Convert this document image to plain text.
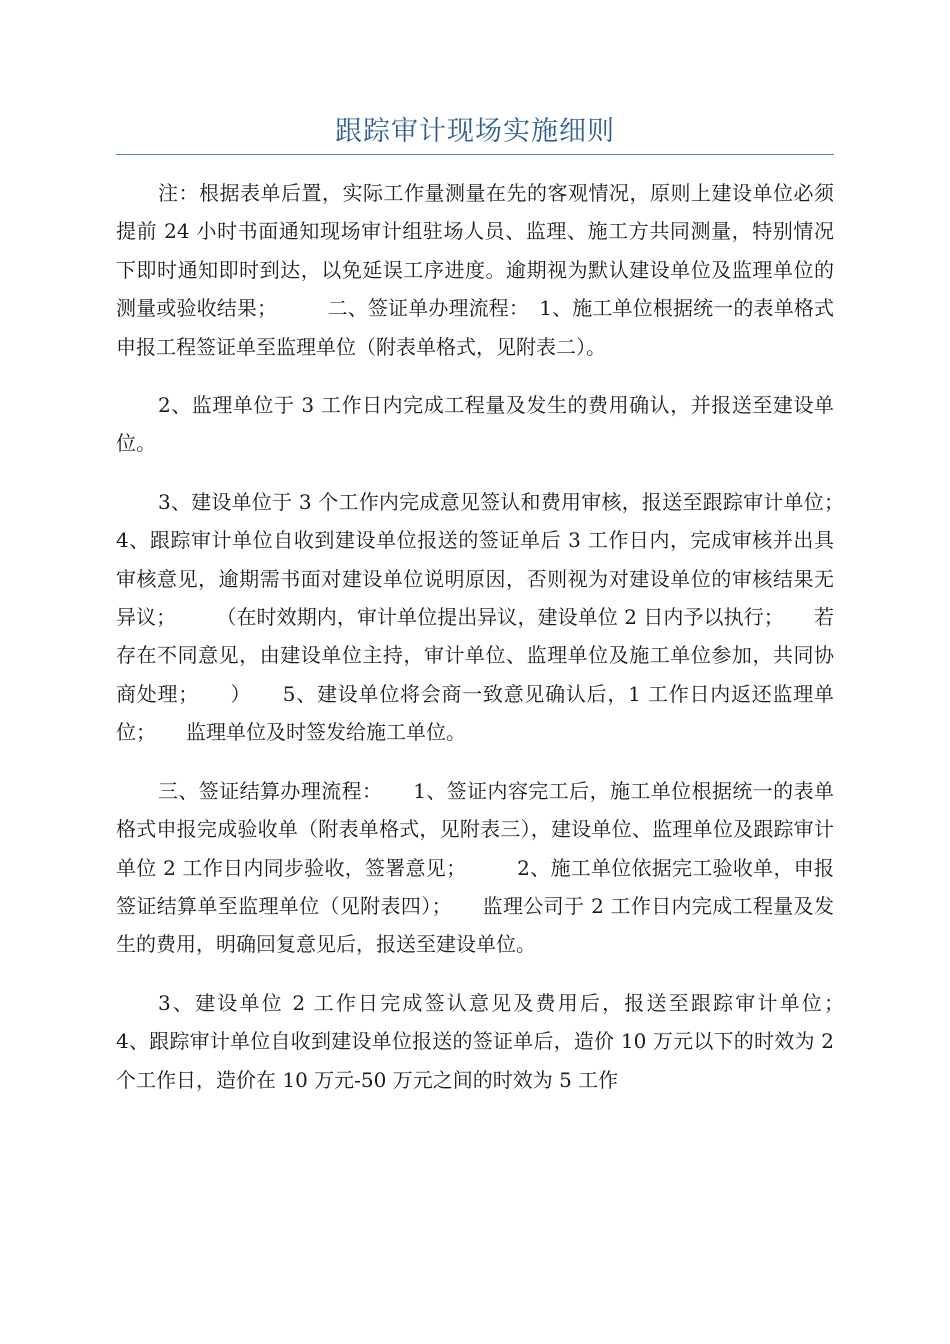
跟踪审计现场实施细则

注：根据表单后置，实际工作量测量在先的客观情况，原则上建设单位必须提前 24 小时书面通知现场审计组驻场人员、监理、施工方共同测量，特别情况下即时通知即时到达，以免延误工序进度。逾期视为默认建设单位及监理单位的测量或验收结果；　　　二、签证单办理流程：　1、施工单位根据统一的表单格式申报工程签证单至监理单位（附表单格式，见附表二）。

2、监理单位于 3 工作日内完成工程量及发生的费用确认，并报送至建设单位。

3、建设单位于 3 个工作内完成意见签认和费用审核，报送至跟踪审计单位；　　4、跟踪审计单位自收到建设单位报送的签证单后 3 工作日内，完成审核并出具审核意见，逾期需书面对建设单位说明原因，否则视为对建设单位的审核结果无异议；　　　（在时效期内，审计单位提出异议，建设单位 2 日内予以执行；　　若存在不同意见，由建设单位主持，审计单位、监理单位及施工单位参加，共同协商处理；　　）　　5、建设单位将会商一致意见确认后，1 工作日内返还监理单位；　　监理单位及时签发给施工单位。

三、签证结算办理流程：　　1、签证内容完工后，施工单位根据统一的表单格式申报完成验收单（附表单格式，见附表三），建设单位、监理单位及跟踪审计单位 2 工作日内同步验收，签署意见；　　　2、施工单位依据完工验收单，申报签证结算单至监理单位（见附表四）；　　监理公司于 2 工作日内完成工程量及发生的费用，明确回复意见后，报送至建设单位。

3、建设单位 2 工作日完成签认意见及费用后，报送至跟踪审计单位；　　　4、跟踪审计单位自收到建设单位报送的签证单后，造价 10 万元以下的时效为 2 个工作日，造价在 10 万元-50 万元之间的时效为 5 工作
